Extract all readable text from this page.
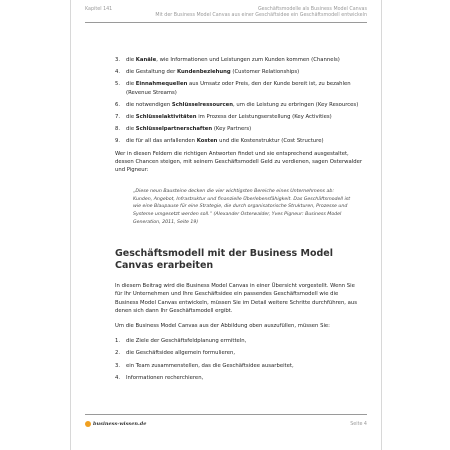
Kapitel 141	Geschäftsmodelle als Business Model Canvas
Mit der Business Model Canvas aus einer Geschäftsidee ein Geschäftsmodell entwickeln
3.	die Kanäle, wie Informationen und Leistungen zum Kunden kommen (Channels)
4.	die Gestaltung der Kundenbeziehung (Customer Relationships)
5.	die Einnahmequellen aus Umsatz oder Preis, den der Kunde bereit ist, zu bezahlen (Revenue Streams)
6.	die notwendigen Schlüsselressourcen, um die Leistung zu erbringen (Key Resources)
7.	die Schlüsselaktivitäten im Prozess der Leistungserstellung (Key Activities)
8.	die Schlüsselpartnerschaften (Key Partners)
9.	die für all das anfallenden Kosten und die Kostenstruktur (Cost Structure)

Wer in diesen Feldern die richtigen Antworten findet und sie entsprechend ausgestaltet, dessen Chancen steigen, mit seinem Geschäftsmodell Geld zu verdienen, sagen Osterwalder und Pigneur:

„Diese neun Bausteine decken die vier wichtigsten Bereiche eines Unternehmens ab: Kunden, Angebot, Infrastruktur und finanzielle Überlebensfähigkeit. Das Geschäftsmodell ist wie eine Blaupause für eine Strategie, die durch organisatorische Strukturen, Prozesse und Systeme umgesetzt werden soll.“ (Alexander Osterwalder, Yves Pigneur: Business Model Generation, 2011, Seite 19)
Geschäftsmodell mit der Business Model Canvas erarbeiten

In diesem Beitrag wird die Business Model Canvas in einer Übersicht vorgestellt. Wenn Sie für Ihr Unternehmen und Ihre Geschäftsidee ein passendes Geschäftsmodell wie die Business Model Canvas entwickeln, müssen Sie im Detail weitere Schritte durchführen, aus denen sich dann Ihr Geschäftsmodell ergibt.

Um die Business Model Canvas aus der Abbildung oben auszufüllen, müssen Sie:

1.	die Ziele der Geschäftsfeldplanung ermitteln,
2.	die Geschäftsidee allgemein formulieren,
3.	ein Team zusammenstellen, das die Geschäftsidee ausarbeitet,
4.	Informationen recherchieren,
business-wissen.de	Seite 4
